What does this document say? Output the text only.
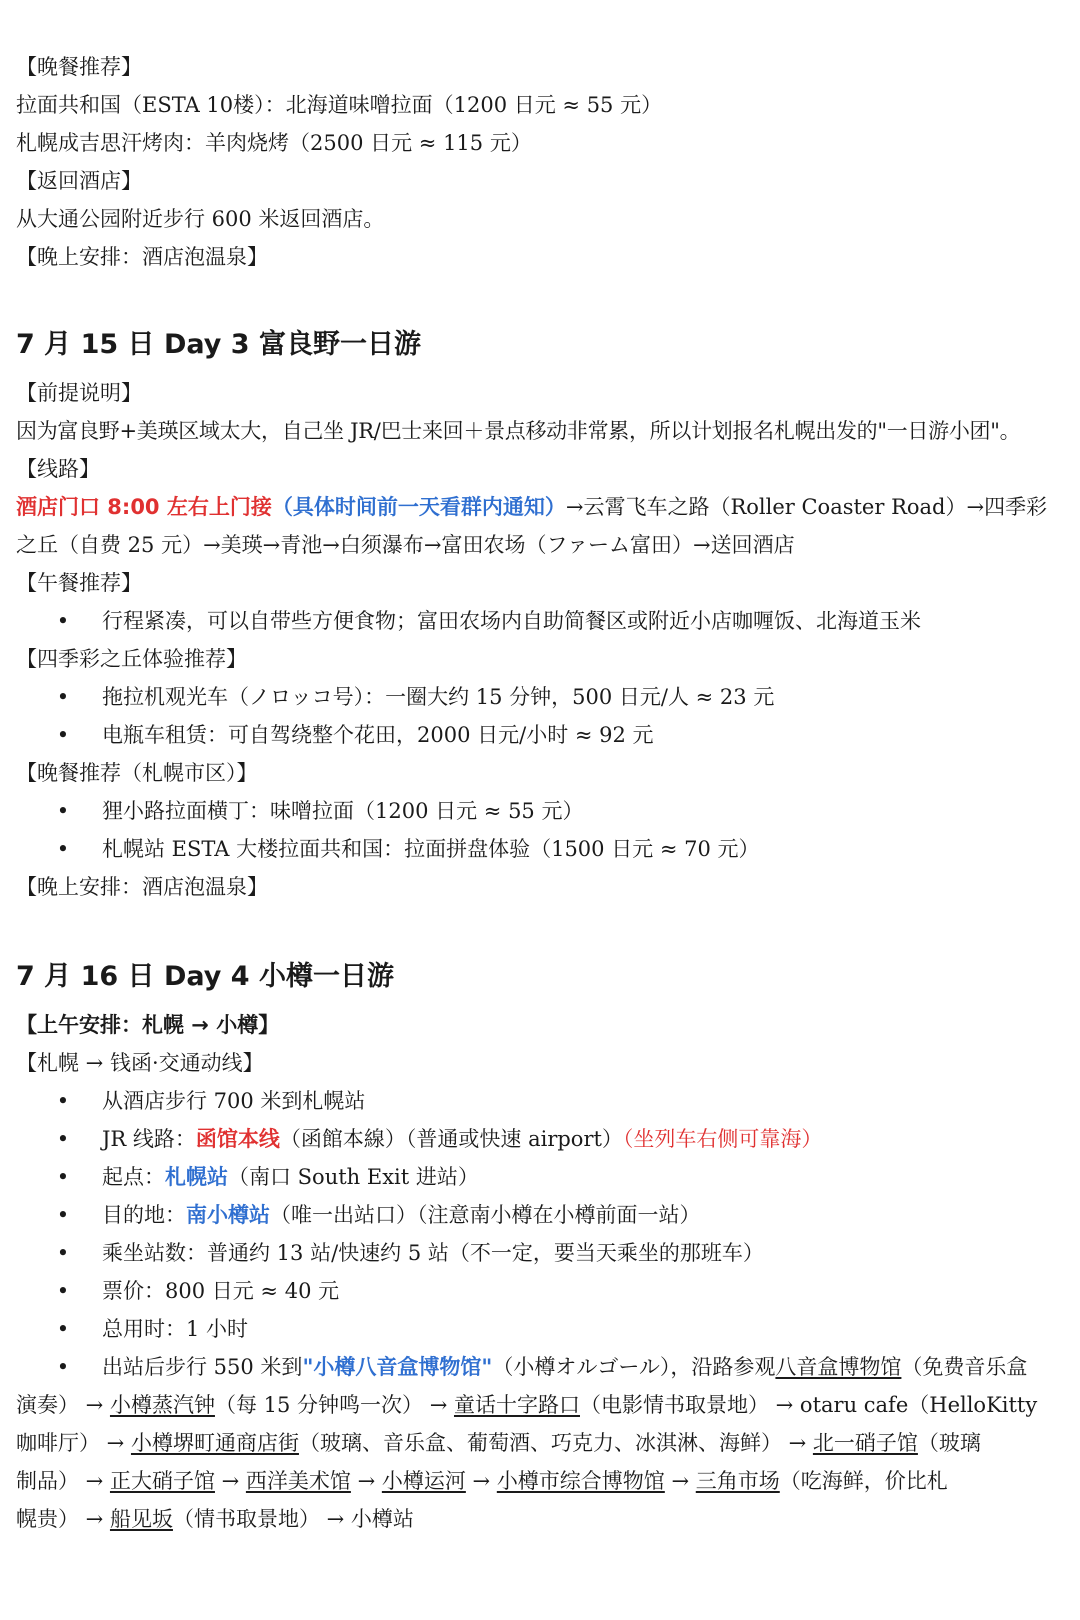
【晚餐推荐】
拉面共和国（ESTA 10楼）：北海道味噌拉面（1200 日元 ≈ 55 元）
札幌成吉思汗烤肉：羊肉烧烤（2500 日元 ≈ 115 元）
【返回酒店】
从大通公园附近步行 600 米返回酒店。
【晚上安排：酒店泡温泉】
7 月 15 日 Day 3 富良野一日游
【前提说明】
因为富良野+美瑛区域太大，自己坐 JR/巴士来回＋景点移动非常累，所以计划报名札幌出发的"一日游小团"。
【线路】
酒店门口 8:00 左右上门接（具体时间前一天看群内通知）→云霄飞车之路（Roller Coaster Road）→四季彩
之丘（自费 25 元）→美瑛→青池→白须瀑布→富田农场（ファーム富田）→送回酒店
【午餐推荐】
•
行程紧凑，可以自带些方便食物；富田农场内自助简餐区或附近小店咖喱饭、北海道玉米
【四季彩之丘体验推荐】
•
拖拉机观光车（ノロッコ号）：一圈大约 15 分钟，500 日元/人 ≈ 23 元
•
电瓶车租赁：可自驾绕整个花田，2000 日元/小时 ≈ 92 元
【晚餐推荐（札幌市区）】
•
狸小路拉面横丁：味噌拉面（1200 日元 ≈ 55 元）
•
札幌站 ESTA 大楼拉面共和国：拉面拼盘体验（1500 日元 ≈ 70 元）
【晚上安排：酒店泡温泉】
7 月 16 日 Day 4 小樽一日游
【上午安排：札幌 → 小樽】
【札幌 → 钱函·交通动线】
•
从酒店步行 700 米到札幌站
•
JR 线路：函馆本线（函館本線）（普通或快速 airport）（坐列车右侧可靠海）
•
起点：札幌站（南口 South Exit 进站）
•
目的地：南小樽站（唯一出站口）（注意南小樽在小樽前面一站）
•
乘坐站数：普通约 13 站/快速约 5 站（不一定，要当天乘坐的那班车）
•
票价：800 日元 ≈ 40 元
•
总用时：1 小时
•
出站后步行 550 米到"小樽八音盒博物馆"（小樽オルゴール），沿路参观八音盒博物馆（免费音乐盒
演奏） → 小樽蒸汽钟（每 15 分钟鸣一次） → 童话十字路口（电影情书取景地） → otaru cafe（HelloKitty
咖啡厅） → 小樽堺町通商店街（玻璃、音乐盒、葡萄酒、巧克力、冰淇淋、海鲜） → 北一硝子馆（玻璃
制品） → 正大硝子馆 → 西洋美术馆 → 小樽运河 → 小樽市综合博物馆 → 三角市场（吃海鲜，价比札
幌贵） → 船见坂（情书取景地） → 小樽站
